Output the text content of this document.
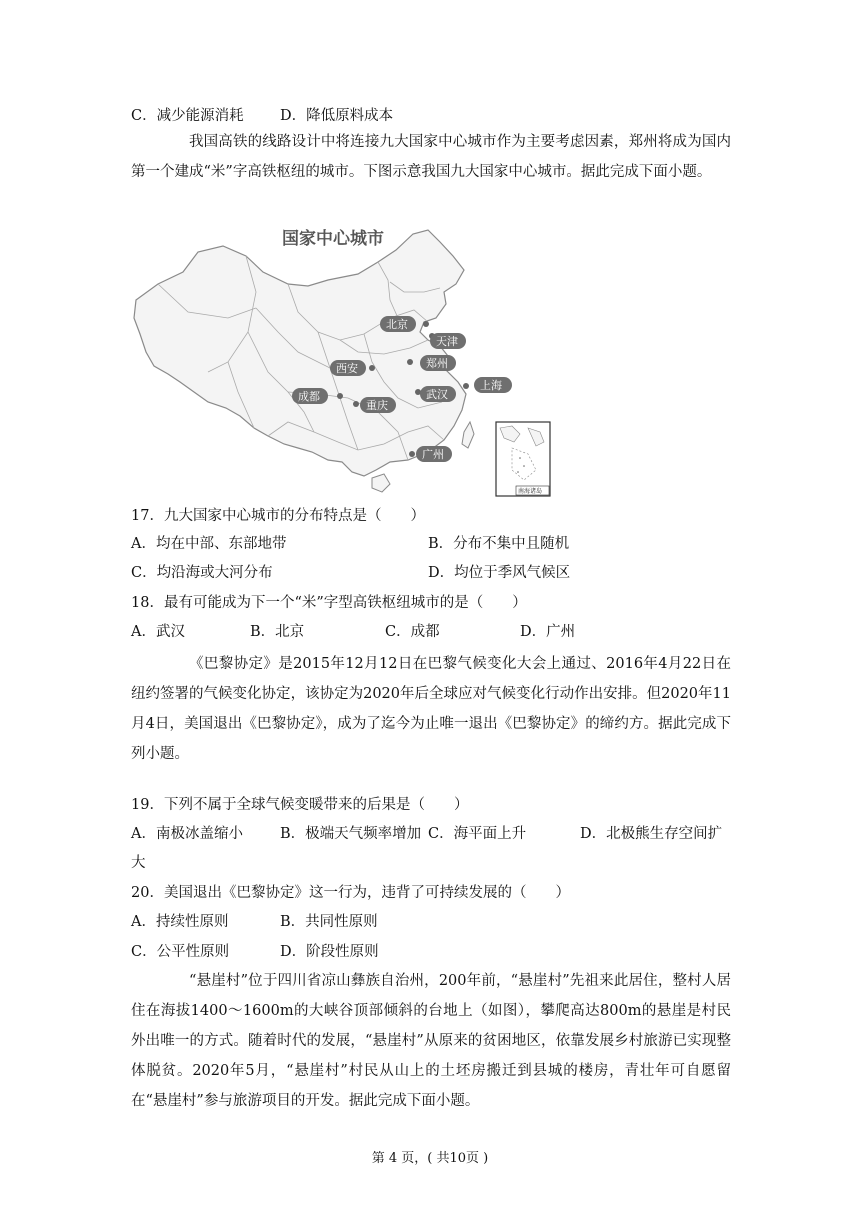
C．减少能源消耗	D．降低原料成本
我国高铁的线路设计中将连接九大国家中心城市作为主要考虑因素，郑州将成为国内第一个建成“米”字高铁枢纽的城市。下图示意我国九大国家中心城市。据此完成下面小题。
国家中心城市
北京
天津
西安	郑州
上海
成都	武汉
重庆
广州
南海诸岛
17．九大国家中心城市的分布特点是（　　）
A．均在中部、东部地带	B．分布不集中且随机
C．均沿海或大河分布	D．均位于季风气候区
18．最有可能成为下一个“米”字型高铁枢纽城市的是（　　）
A．武汉	B．北京	C．成都	D．广州
《巴黎协定》是2015年12月12日在巴黎气候变化大会上通过、2016年4月22日在纽约签署的气候变化协定，该协定为2020年后全球应对气候变化行动作出安排。但2020年11月4日，美国退出《巴黎协定》，成为了迄今为止唯一退出《巴黎协定》的缔约方。据此完成下列小题。
19．下列不属于全球气候变暖带来的后果是（　　）
A．南极冰盖缩小	B．极端天气频率增加 C．海平面上升	D．北极熊生存空间扩
大
20．美国退出《巴黎协定》这一行为，违背了可持续发展的（　　）
A．持续性原则	B．共同性原则
C．公平性原则	D．阶段性原则
“悬崖村”位于四川省凉山彝族自治州，200年前，“悬崖村”先祖来此居住，整村人居住在海拔1400～1600m的大峡谷顶部倾斜的台地上（如图），攀爬高达800m的悬崖是村民外出唯一的方式。随着时代的发展，“悬崖村”从原来的贫困地区，依靠发展乡村旅游已实现整体脱贫。2020年5月，“悬崖村”村民从山上的土坯房搬迁到县城的楼房，青壮年可自愿留在“悬崖村”参与旅游项目的开发。据此完成下面小题。
第 4 页，( 共10页 )
